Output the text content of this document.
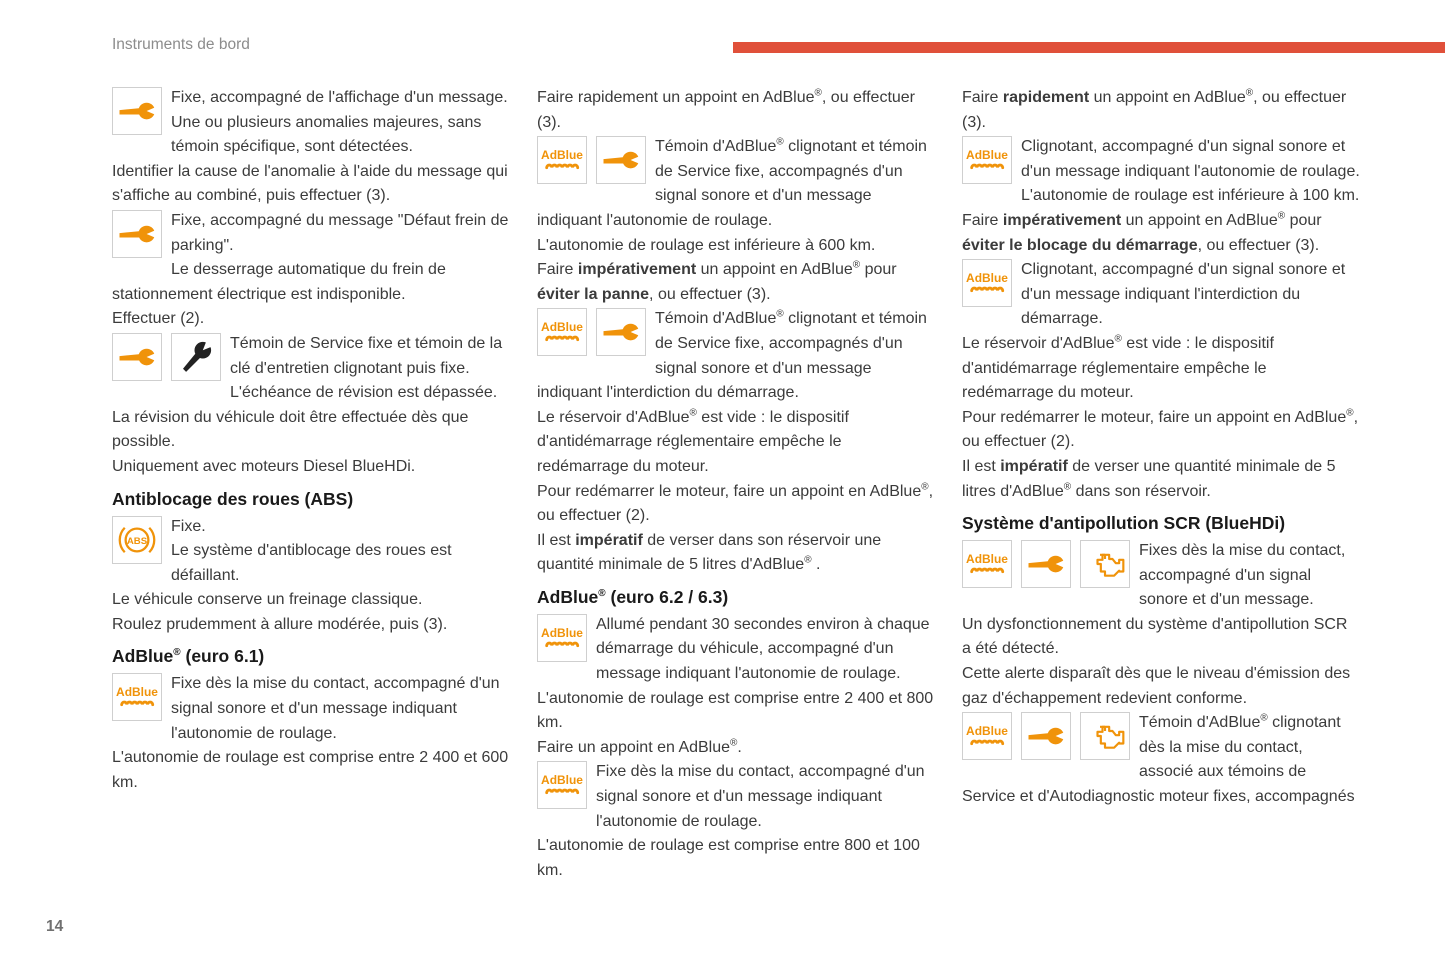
Instruments de bord
Fixe, accompagné de l'affichage d'un message.
Une ou plusieurs anomalies majeures, sans témoin spécifique, sont détectées.
Identifier la cause de l'anomalie à l'aide du message qui s'affiche au combiné, puis effectuer (3).
Fixe, accompagné du message "Défaut frein de parking".
Le desserrage automatique du frein de stationnement électrique est indisponible.
Effectuer (2).
Témoin de Service fixe et témoin de la clé d'entretien clignotant puis fixe.
L'échéance de révision est dépassée.
La révision du véhicule doit être effectuée dès que possible.
Uniquement avec moteurs Diesel BlueHDi.
Antiblocage des roues (ABS)
ABS
Fixe.
Le système d'antiblocage des roues est défaillant.
Le véhicule conserve un freinage classique.
Roulez prudemment à allure modérée, puis (3).
AdBlue® (euro 6.1)
AdBlue
Fixe dès la mise du contact, accompagné d'un signal sonore et d'un message indiquant l'autonomie de roulage.
L'autonomie de roulage est comprise entre 2 400 et 600 km.
Faire rapidement un appoint en AdBlue®, ou effectuer (3).
AdBlue
Témoin d'AdBlue® clignotant et témoin de Service fixe, accompagnés d'un signal sonore et d'un message indiquant l'autonomie de roulage.
L'autonomie de roulage est inférieure à 600 km.
Faire impérativement un appoint en AdBlue® pour éviter la panne, ou effectuer (3).
AdBlue
Témoin d'AdBlue® clignotant et témoin de Service fixe, accompagnés d'un signal sonore et d'un message indiquant l'interdiction du démarrage.
Le réservoir d'AdBlue® est vide : le dispositif d'antidémarrage réglementaire empêche le redémarrage du moteur.
Pour redémarrer le moteur, faire un appoint en AdBlue®, ou effectuer (2).
Il est impératif de verser dans son réservoir une quantité minimale de 5 litres d'AdBlue® .
AdBlue® (euro 6.2 / 6.3)
AdBlue
Allumé pendant 30 secondes environ à chaque démarrage du véhicule, accompagné d'un message indiquant l'autonomie de roulage.
L'autonomie de roulage est comprise entre 2 400 et 800 km.
Faire un appoint en AdBlue®.
AdBlue
Fixe dès la mise du contact, accompagné d'un signal sonore et d'un message indiquant l'autonomie de roulage.
L'autonomie de roulage est comprise entre 800 et 100 km.
Faire rapidement un appoint en AdBlue®, ou effectuer (3).
AdBlue
Clignotant, accompagné d'un signal sonore et d'un message indiquant l'autonomie de roulage.
L'autonomie de roulage est inférieure à 100 km.
Faire impérativement un appoint en AdBlue® pour éviter le blocage du démarrage, ou effectuer (3).
AdBlue
Clignotant, accompagné d'un signal sonore et d'un message indiquant l'interdiction du démarrage.
Le réservoir d'AdBlue® est vide : le dispositif d'antidémarrage réglementaire empêche le redémarrage du moteur.
Pour redémarrer le moteur, faire un appoint en AdBlue®, ou effectuer (2).
Il est impératif de verser une quantité minimale de 5 litres d'AdBlue® dans son réservoir.
Système d'antipollution SCR (BlueHDi)
AdBlue
Fixes dès la mise du contact, accompagné d'un signal sonore et d'un message.
Un dysfonctionnement du système d'antipollution SCR a été détecté.
Cette alerte disparaît dès que le niveau d'émission des gaz d'échappement redevient conforme.
AdBlue
Témoin d'AdBlue® clignotant dès la mise du contact, associé aux témoins de Service et d'Autodiagnostic moteur fixes, accompagnés
14
